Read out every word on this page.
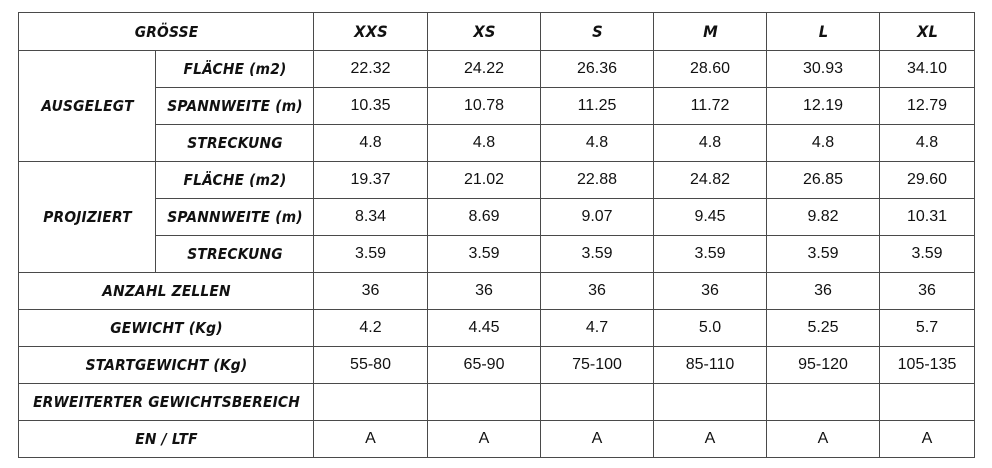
GRÖSSE		XXS	XS	S	M	L	XL
AUSGELEGT	FLÄCHE (m2)	22.32	24.22	26.36	28.60	30.93	34.10
	SPANNWEITE (m)	10.35	10.78	11.25	11.72	12.19	12.79
	STRECKUNG	4.8	4.8	4.8	4.8	4.8	4.8
PROJIZIERT	FLÄCHE (m2)	19.37	21.02	22.88	24.82	26.85	29.60
	SPANNWEITE (m)	8.34	8.69	9.07	9.45	9.82	10.31
	STRECKUNG	3.59	3.59	3.59	3.59	3.59	3.59
ANZAHL ZELLEN		36	36	36	36	36	36
GEWICHT (Kg)		4.2	4.45	4.7	5.0	5.25	5.7
STARTGEWICHT (Kg)		55-80	65-90	75-100	85-110	95-120	105-135
ERWEITERTER GEWICHTSBEREICH							
EN / LTF		A	A	A	A	A	A
